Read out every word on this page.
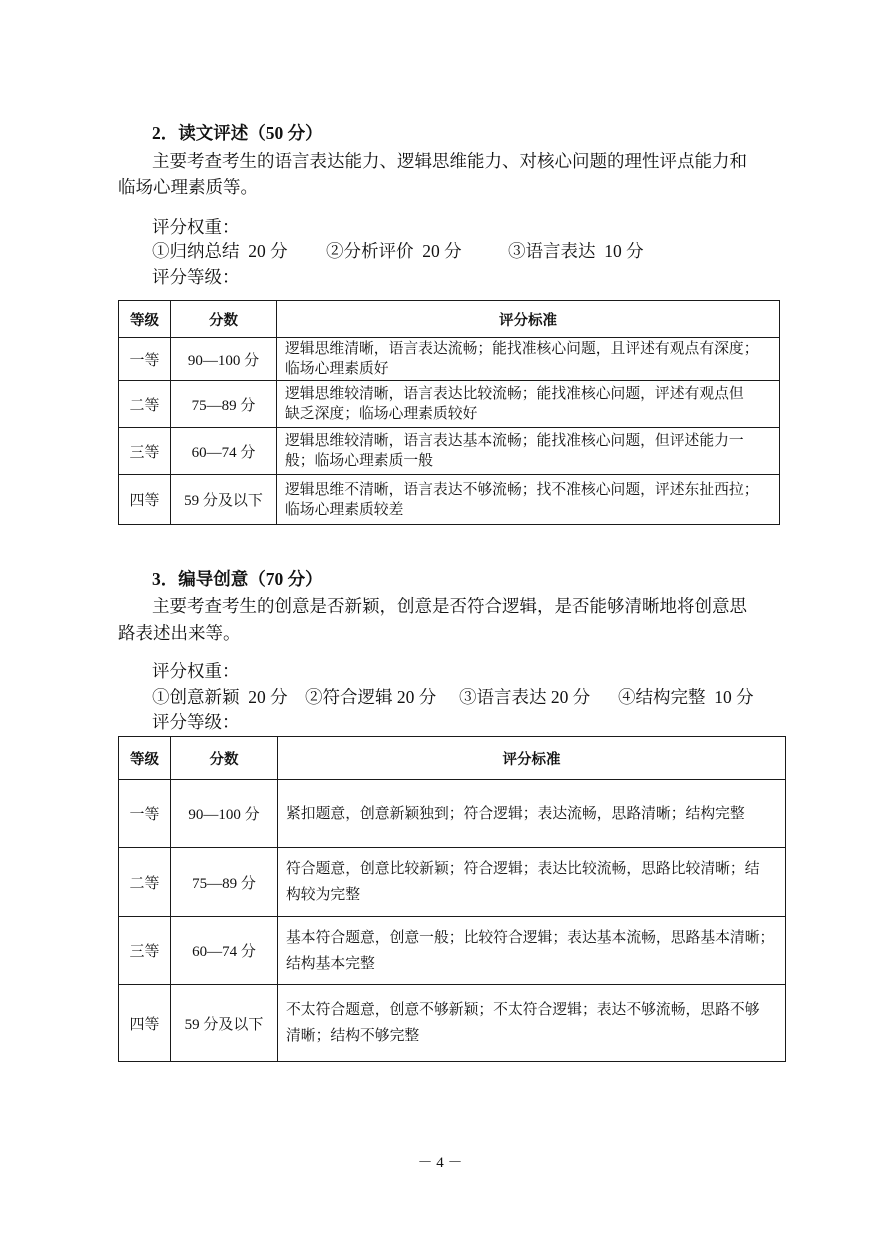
2．读文评述（50 分）
主要考查考生的语言表达能力、逻辑思维能力、对核心问题的理性评点能力和
临场心理素质等。
评分权重：
①归纳总结  20 分 ②分析评价  20 分	③语言表达  10 分
评分等级：
等级	分数	评分标准
一等	90—100 分	逻辑思维清晰，语言表达流畅；能找准核心问题，且评述有观点有深度；
临场心理素质好

二等	75—89 分	逻辑思维较清晰，语言表达比较流畅；能找准核心问题，评述有观点但
缺乏深度；临场心理素质较好

三等	60—74 分	逻辑思维较清晰，语言表达基本流畅；能找准核心问题，但评述能力一
般；临场心理素质一般

四等	59 分及以下	逻辑思维不清晰，语言表达不够流畅；找不准核心问题，评述东扯西拉；
临场心理素质较差
3．编导创意（70 分）
主要考查考生的创意是否新颖，创意是否符合逻辑，是否能够清晰地将创意思
路表述出来等。
评分权重：
①创意新颖  20 分 ②符合逻辑 20 分 ③语言表达 20 分 ④结构完整  10 分
评分等级：
等级	分数	评分标准
一等	90—100 分	紧扣题意，创意新颖独到；符合逻辑；表达流畅，思路清晰；结构完整

二等	75—89 分	符合题意，创意比较新颖；符合逻辑；表达比较流畅，思路比较清晰；结
构较为完整

三等	60—74 分	基本符合题意，创意一般；比较符合逻辑；表达基本流畅，思路基本清晰；
结构基本完整

四等	59 分及以下	不太符合题意，创意不够新颖；不太符合逻辑；表达不够流畅，思路不够
清晰；结构不够完整
－ 4 －
